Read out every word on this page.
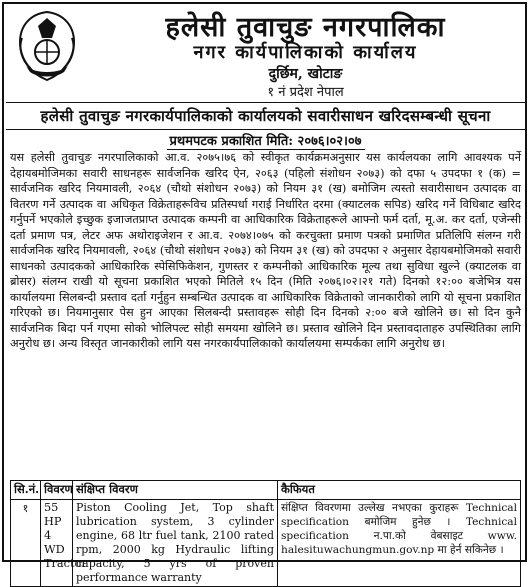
हलेसी तुवाचुङ नगरपालिका
नगर कार्यपालिकाको कार्यालय
दुर्छिम, खोटाङ
१ नं प्रदेश नेपाल
हलेसी तुवाचुङ नगरकार्यपालिकाको कार्यालयको सवारीसाधन खरिदसम्बन्धी सूचना
प्रथमपटक प्रकाशित मिति: २०७६।०२।०७
यस हलेसी तुवाचुङ नगरपालिकाको आ.व. २०७५।७६ को स्वीकृत कार्यक्रमअनुसार यस कार्यलयका लागि आवश्यक पर्ने देहायबमोजिमका सवारी साधनहरू सार्वजनिक खरिद ऐन, २०६३ (पहिलो संशोधन २०७३) को दफा ५ उपदफा १ (क) = सार्वजनिक खरिद नियमावली, २०६४ (चौथो संशोधन २०७३) को नियम ३१ (ख) बमोजिम त्यस्तो सवारीसाधन उत्पादक वा वितरण गर्ने उत्पादक वा अधिकृत विक्रेताहरूविच प्रतिस्पर्धा गराई निर्धारित दरमा (क्याटलक सपिड) खरिद गर्ने विधिबाट खरिद गर्नुपर्ने भएकोले इच्छुक इजाजतप्राप्त उत्पादक कम्पनी वा आधिकारिक विक्रेताहरूले आफ्नो फर्म दर्ता, मू.अ. कर दर्ता, एजेन्सी दर्ता प्रमाण पत्र, लेटर अफ अथोराइजेशन र आ.व. २०७४।०७५ को करचुक्ता प्रमाण पत्रको प्रमाणित प्रतिलिपि संलग्न गरी सार्वजनिक खरिद नियमावली, २०६४ (चौथो संशोधन २०७३) को नियम ३१ (ख) को उपदफा २ अनुसार देहायबमोजिमको सवारी साधनको उत्पादकको आधिकारिक स्पेसिफिकेशन, गुणस्तर र कम्पनीको आधिकारिक मूल्य तथा सुविधा खुल्ने (क्याटलक वा ब्रोसर) संलग्न राखी यो सूचना प्रकाशित भएको मितिले १५ दिन (मिति २०७६।०२।२१ गते) दिनको १२:०० बजेभित्र यस कार्यालयमा सिलबन्दी प्रस्ताव दर्ता गर्नुहुन सम्बन्धित उत्पादक वा आधिकारिक विक्रेताको जानकारीको लागि यो सूचना प्रकाशित गरिएको छ। नियमानुसार पेस हुन आएका सिलबन्दी प्रस्तावहरू सोही दिन दिनको २:०० बजे खोलिने छ। सो दिन कुनै सार्वजनिक बिदा पर्न गएमा सोको भोलिपल्ट सोही समयमा खोलिने छ। प्रस्ताव खोलिने दिन प्रस्तावदाताहरु उपस्थितिका लागि अनुरोध छ। अन्य विस्तृत जानकारीको लागि यस नगरकार्यपालिकाको कार्यालयमा सम्पर्कका लागि अनुरोध छ।
सि.नं.	विवरण	संक्षिप्त विवरण	कैफियत
१	55 HP 4 WD Tractor	Piston Cooling Jet, Top shaft lubrication system, 3 cylinder engine, 68 ltr fuel tank, 2100 rated rpm, 2000 kg Hydraulic lifting capacity, 5 yrs of proven performance warranty	संक्षिप्त विवरणमा उल्लेख नभएका कुराहरू Technical specification बमोजिम हुनेछ । Technical specification न.पा.को वेबसाइट www. halesituwachungmun.gov.np मा हेर्न सकिनेछ ।
